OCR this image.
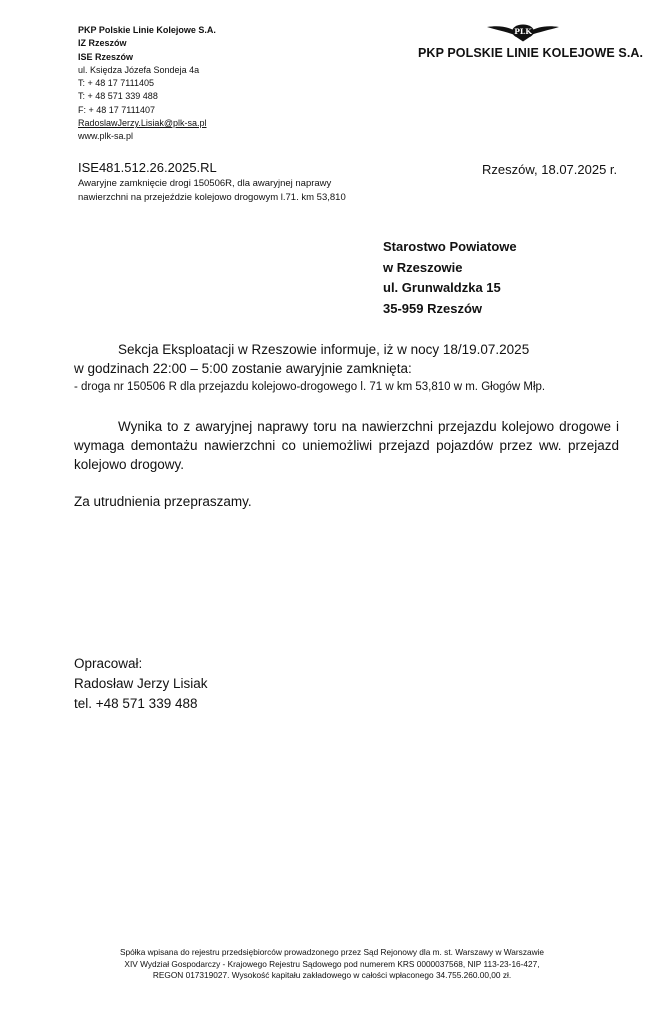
PKP Polskie Linie Kolejowe S.A.
IZ Rzeszów
ISE Rzeszów
ul. Księdza Józefa Sondeja 4a
T: + 48 17 7111405
T: + 48 571 339 488
F: + 48 17 7111407
RadoslawJerzy.Lisiak@plk-sa.pl
www.plk-sa.pl
PLK
PKP POLSKIE LINIE KOLEJOWE S.A.
ISE481.512.26.2025.RL
Awaryjne zamknięcie drogi 150506R, dla awaryjnej naprawy nawierzchni na przejeździe kolejowo drogowym l.71. km 53,810
Rzeszów, 18.07.2025 r.
Starostwo Powiatowe
w Rzeszowie
ul. Grunwaldzka 15
35-959 Rzeszów

Sekcja Eksploatacji w Rzeszowie informuje, iż w nocy 18/19.07.2025

w godzinach 22:00 – 5:00 zostanie awaryjnie zamknięta:

- droga nr 150506 R dla przejazdu kolejowo-drogowego l. 71 w km 53,810 w m. Głogów Młp.

Wynika to z awaryjnej naprawy toru na nawierzchni przejazdu kolejowo drogowe i wymaga demontażu nawierzchni co uniemożliwi przejazd pojazdów przez ww. przejazd kolejowo drogowy.

Za utrudnienia przepraszamy.

Opracował:
Radosław Jerzy Lisiak
tel. +48 571 339 488
Spółka wpisana do rejestru przedsiębiorców prowadzonego przez Sąd Rejonowy dla m. st. Warszawy w Warszawie
XIV Wydział Gospodarczy - Krajowego Rejestru Sądowego pod numerem KRS 0000037568, NIP 113-23-16-427,
REGON 017319027. Wysokość kapitału zakładowego w całości wpłaconego 34.755.260.00,00 zł.
